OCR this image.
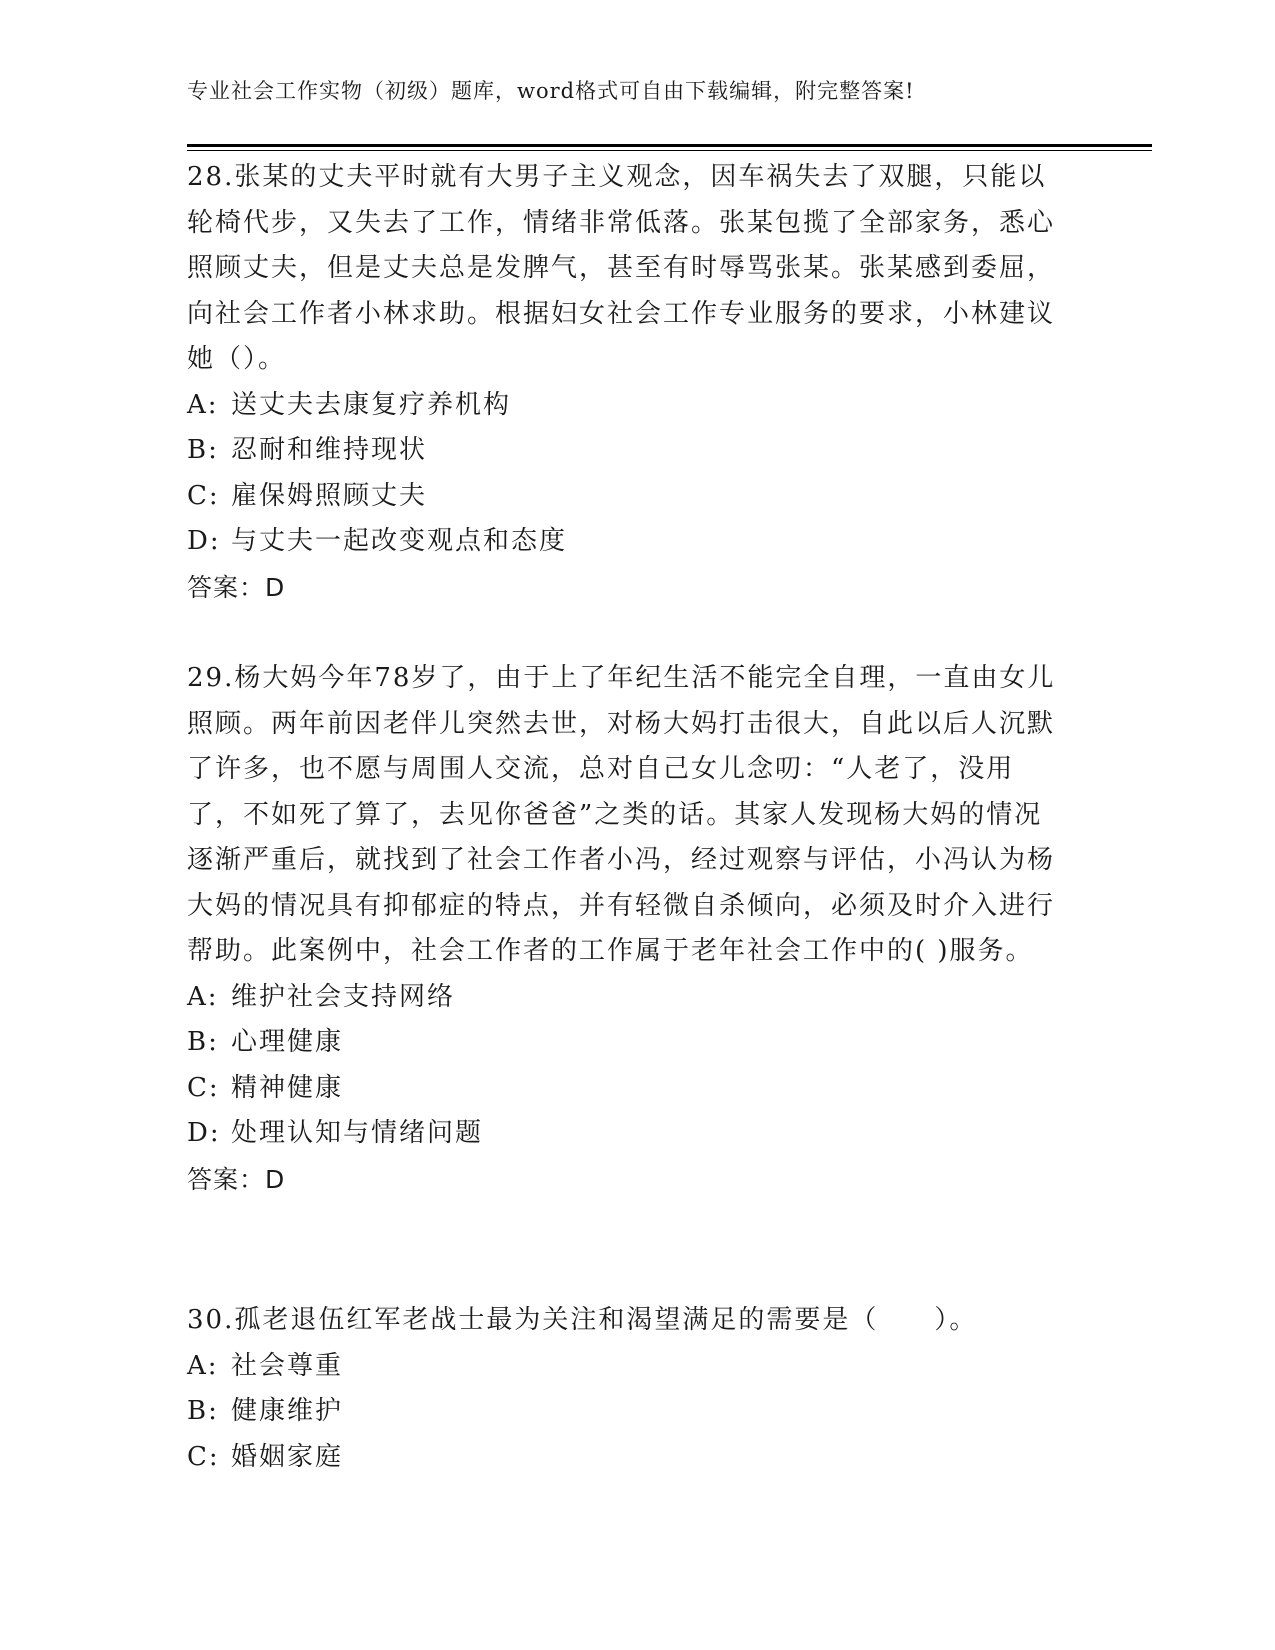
专业社会工作实物（初级）题库，word格式可自由下载编辑，附完整答案!

28.张某的丈夫平时就有大男子主义观念，因车祸失去了双腿，只能以轮椅代步，又失去了工作，情绪非常低落。张某包揽了全部家务，悉心照顾丈夫，但是丈夫总是发脾气，甚至有时辱骂张某。张某感到委屈，向社会工作者小林求助。根据妇女社会工作专业服务的要求，小林建议她（）。

A: 送丈夫去康复疗养机构

B: 忍耐和维持现状

C: 雇保姆照顾丈夫

D: 与丈夫一起改变观点和态度

答案：D

29.杨大妈今年78岁了，由于上了年纪生活不能完全自理，一直由女儿照顾。两年前因老伴儿突然去世，对杨大妈打击很大，自此以后人沉默了许多，也不愿与周围人交流，总对自己女儿念叨：“人老了，没用了，不如死了算了，去见你爸爸”之类的话。其家人发现杨大妈的情况逐渐严重后，就找到了社会工作者小冯，经过观察与评估，小冯认为杨大妈的情况具有抑郁症的特点，并有轻微自杀倾向，必须及时介入进行帮助。此案例中，社会工作者的工作属于老年社会工作中的( )服务。

A: 维护社会支持网络

B: 心理健康

C: 精神健康

D: 处理认知与情绪问题

答案：D

30.孤老退伍红军老战士最为关注和渴望满足的需要是（　　）。

A: 社会尊重

B: 健康维护

C: 婚姻家庭
